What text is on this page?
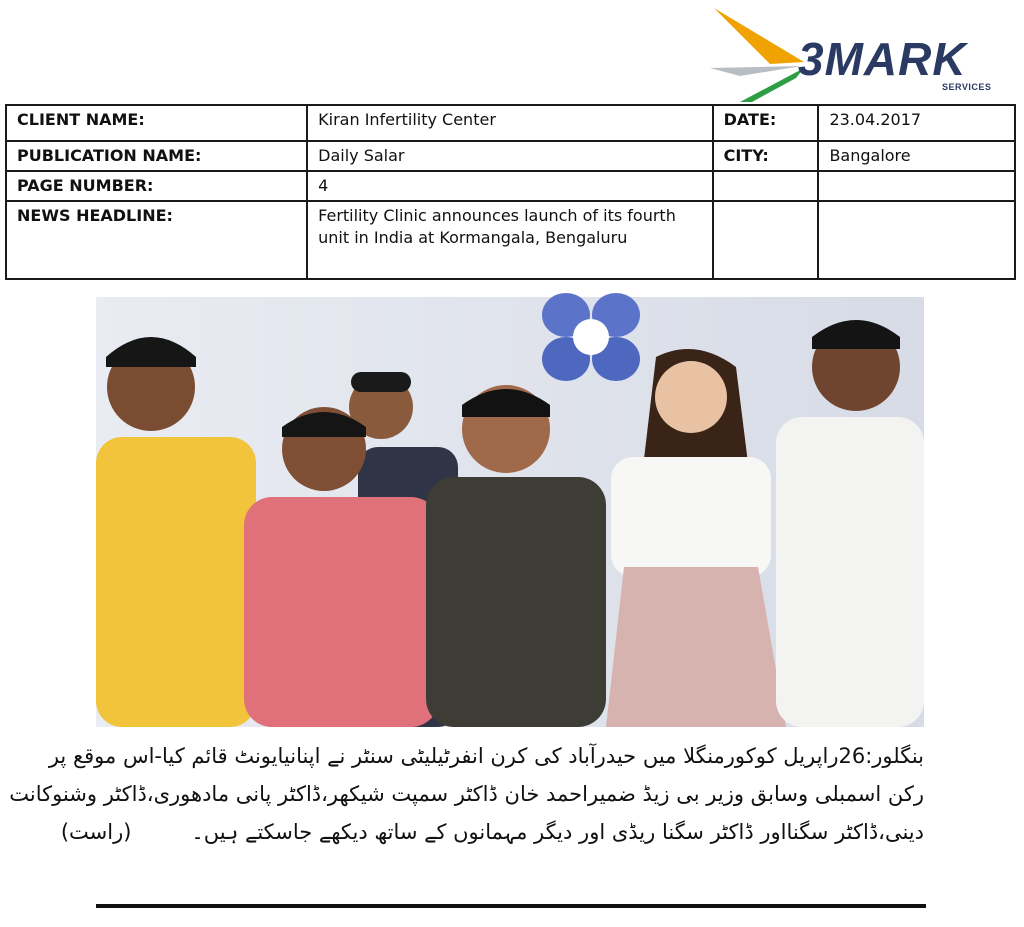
3MARK
SERVICES
CLIENT NAME:	Kiran Infertility Center	DATE:	23.04.2017
PUBLICATION NAME:	Daily Salar	CITY:	Bangalore
PAGE NUMBER:	4		
NEWS HEADLINE:	Fertility Clinic announces launch of its fourth unit in India at Kormangala, Bengaluru		
بنگلور:26راپریل کوکورمنگلا میں حیدرآباد کی کرن انفرٹیلیٹی سنٹر نے اپنانیایونٹ قائم کیا-اس موقع پر
رکن اسمبلی وسابق وزیر بی زیڈ ضمیراحمد خان ڈاکٹر سمپت شیکھر،ڈاکٹر پانی مادھوری،ڈاکٹر وشنوکانت
دینی،ڈاکٹر سگنااور ڈاکٹر سگنا ریڈی اور دیگر مہمانوں کے ساتھ دیکھے جاسکتے ہیں۔(راست)
